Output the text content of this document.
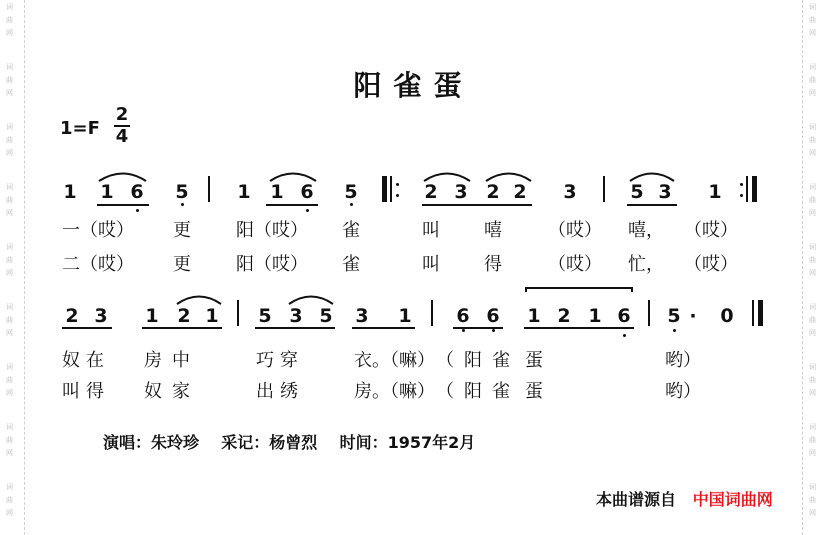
词
曲
网
词
曲
网
词
曲
网
词
曲
网
词
曲
网
词
曲
网
词
曲
网
词
曲
网
词
曲
网
词
曲
网
词
曲
网
词
曲
网
词
曲
网
词
曲
网
词
曲
网
词
曲
网
词
曲
网
词
曲
网
阳雀蛋
1=F
2
4
1 1 6 5	1 1 6 5	2 3 2 2 3	5 3 1
一（哎） 更	阳（哎） 雀	叫 嘻	（哎） 嘻， （哎）
二（哎） 更	阳（哎） 雀	叫 得	（哎） 忙， （哎）
2 3 1 2 1 5 3 5 3 1 6 6 1 2 1 6 5 · 0
奴在 房中	巧穿	衣。（嘛） （阳雀 蛋	哟）
叫得 奴家	出绣	房。（嘛） （阳雀 蛋	哟）
演唱：朱玲珍    采记：杨曾烈    时间：1957年2月
本曲谱源自 中国词曲网
